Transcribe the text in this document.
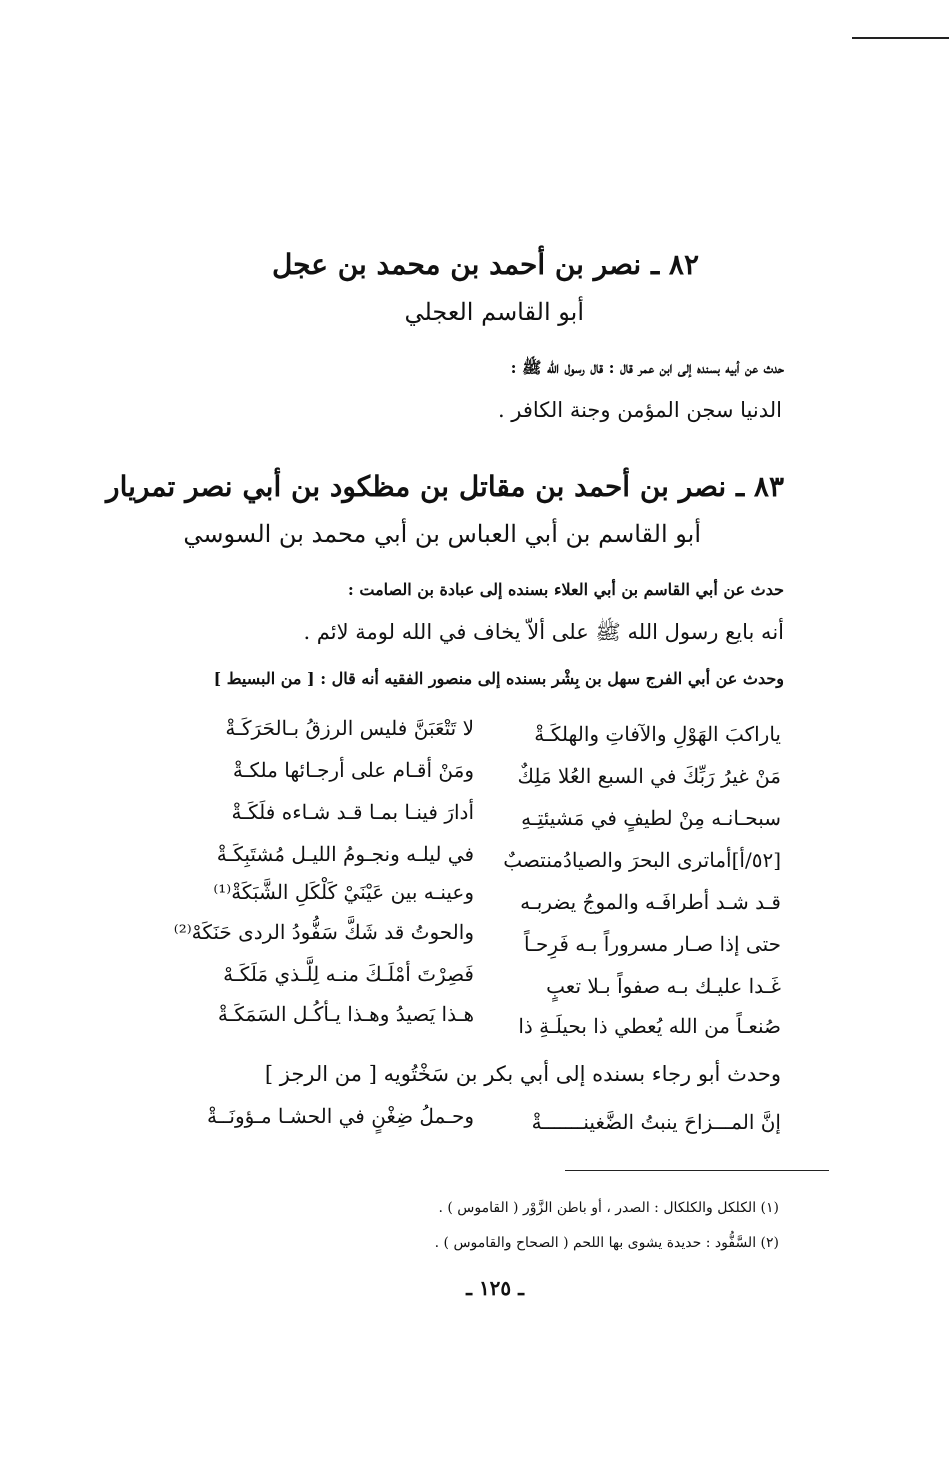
٨٢ ـ نصر بن أحمد بن محمد بن عجل
أبو القاسم العجلي
حدث عن أبيه بسنده إلى ابن عمر قال : قال رسول الله ﷺ :
الدنيا سجن المؤمن وجنة الكافر .
٨٣ ـ نصر بن أحمد بن مقاتل بن مظكود بن أبي نصر تمريار
أبو القاسم بن أبي العباس بن أبي محمد بن السوسي
حدث عن أبي القاسم بن أبي العلاء بسنده إلى عبادة بن الصامت :
أنه بايع رسول الله ﷺ على ألاّ يخاف في الله لومة لائم .
وحدث عن أبي الفرج سهل بن بِشْر بسنده إلى منصور الفقيه أنه قال : [ من البسيط ]
ياراكبَ الهَوْلِ والآفاتِ والهلكَـةْ
مَنْ غيرُ رَبِّكَ في السبع العُلا مَلِكٌ
سبحـانـه مِنْ لطيفٍ في مَشيئتِـهِ
[٥٢/أ]أماترى البحرَ والصيادُمنتصبٌ
قـد شـد أطرافَـه والموجُ يضربـه
حتى إذا صـار مسروراً بـه فَرِحـاً
غَـدا عليـك بـه صفواً بـلا تعبٍ
صُنعـاً من الله يُعطي ذا بحيلَـةِ ذا
لا تَتْعَبَنَّ فليس الرزقُ بـالحَرَكَـةْ
ومَنْ أقـام على أرجـائها ملكـةْ
أدارَ فينـا بمـا قـد شـاءه فلَكَـةْ
في ليلـه ونجـومُ الليـل مُشتَبِكَـةْ
وعينـه بين عَيْنَيْ كَلْكَلِ الشَّبَكَةْ⁽¹⁾
والحوتُ قد شَكَّ سَفُّودُ الردى حَنَكَهْ⁽²⁾
فَصِرْتَ أمْلَـكَ منـه لِلَّـذي مَلَكَـهْ
هـذا يَصيدُ وهـذا يـأكُـل السَمَكَـةْ
وحدث أبو رجاء بسنده إلى أبي بكر بن سَخْتُويه [ من الرجز ]
إنَّ المـــزاحَ ينبتُ الضَّغينـــــــةْ
وحـملُ ضِغْنٍ في الحشـا مـؤونَــةْ
(١) الكلكل والكلكال : الصدر ، أو باطن الزَّوْر ( القاموس ) .
(٢) السَّفُّود : حديدة يشوى بها اللحم ( الصحاح والقاموس ) .
ـ ١٢٥ ـ
